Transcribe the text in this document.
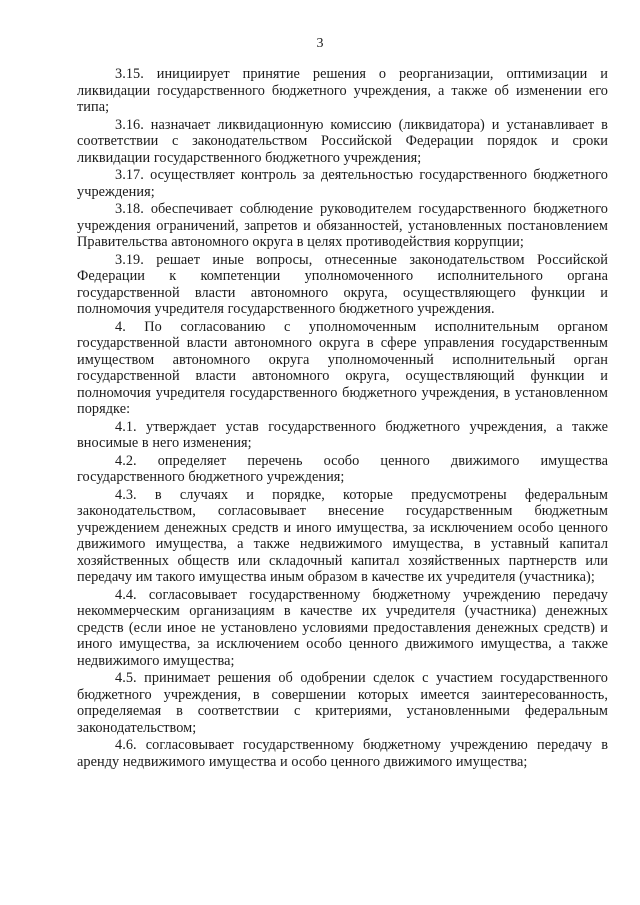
3

3.15. инициирует принятие решения о реорганизации, оптимизации и ликвидации государственного бюджетного учреждения, а также об изменении его типа;

3.16. назначает ликвидационную комиссию (ликвидатора) и устанавливает в соответствии с законодательством Российской Федерации порядок и сроки ликвидации государственного бюджетного учреждения;

3.17. осуществляет контроль за деятельностью государственного бюджетного учреждения;

3.18. обеспечивает соблюдение руководителем государственного бюджетного учреждения ограничений, запретов и обязанностей, установленных постановлением Правительства автономного округа в целях противодействия коррупции;

3.19. решает иные вопросы, отнесенные законодательством Российской Федерации к компетенции уполномоченного исполнительного органа государственной власти автономного округа, осуществляющего функции и полномочия учредителя государственного бюджетного учреждения.

4. По согласованию с уполномоченным исполнительным органом государственной власти автономного округа в сфере управления государственным имуществом автономного округа уполномоченный исполнительный орган государственной власти автономного округа, осуществляющий функции и полномочия учредителя государственного бюджетного учреждения, в установленном порядке:

4.1. утверждает устав государственного бюджетного учреждения, а также вносимые в него изменения;

4.2. определяет перечень особо ценного движимого имущества государственного бюджетного учреждения;

4.3. в случаях и порядке, которые предусмотрены федеральным законодательством, согласовывает внесение государственным бюджетным учреждением денежных средств и иного имущества, за исключением особо ценного движимого имущества, а также недвижимого имущества, в уставный капитал хозяйственных обществ или складочный капитал хозяйственных партнерств или передачу им такого имущества иным образом в качестве их учредителя (участника);

4.4. согласовывает государственному бюджетному учреждению передачу некоммерческим организациям в качестве их учредителя (участника) денежных средств (если иное не установлено условиями предоставления денежных средств) и иного имущества, за исключением особо ценного движимого имущества, а также недвижимого имущества;

4.5. принимает решения об одобрении сделок с участием государственного бюджетного учреждения, в совершении которых имеется заинтересованность, определяемая в соответствии с критериями, установленными федеральным законодательством;

4.6. согласовывает государственному бюджетному учреждению передачу в аренду недвижимого имущества и особо ценного движимого имущества;
